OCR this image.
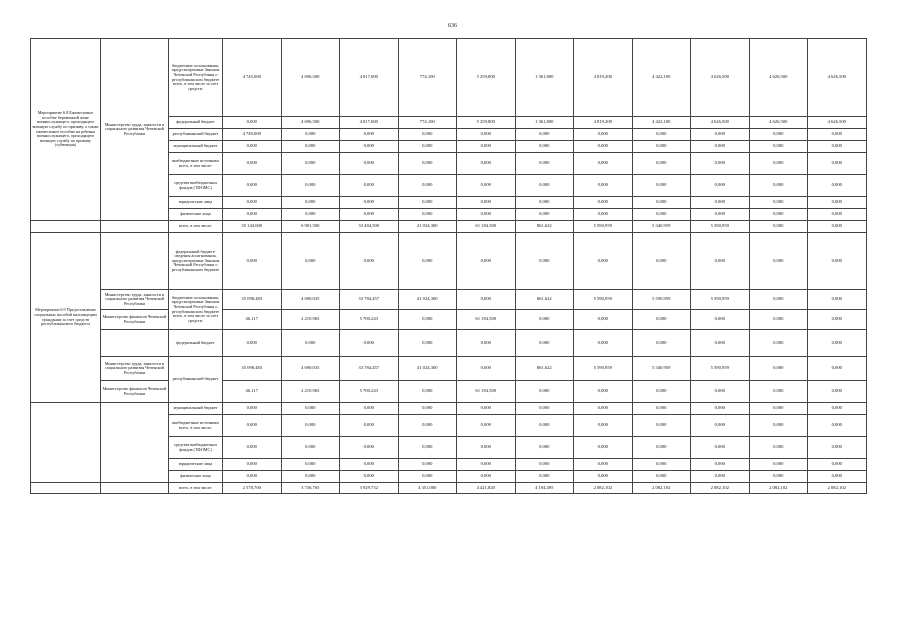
636
Мероприятие 6.8 Ежемесячное пособие беременной жене военнослужащего, проходящего военную службу по призыву, а также ежемесячное пособие на ребенка военнослужащего, проходящего военную службу по призыву (субвенция)	Министерство труда, занятости и социального развития Чеченской Республики	бюджетные ассигнования, предусмотренные Законом Чеченской Республики о республиканском бюджете всего, в том числе за счет средств:	4 745,000	4 696,500	4 817,000	774,100	5 259,800	1 361,800	4 819,200	4 422,100	4 626,500	4 626,500	4 626,500
		федеральный бюджет	0,000	4 696,500	4 817,000	774,100	5 259,800	1 361,800	4 819,200	4 422,100	4 626,500	4 626,500	4 626,500
		республиканский бюджет	4 749,000	0,000	0,000	0,000	0,000	0,000	0,000	0,000	0,000	0,000	0,000
		муниципальный бюджет	0,000	0,000	0,000	0,000	0,000	0,000	0,000	0,000	0,000	0,000	0,000
		внебюджетные источники всего, в том числе:	0,000	0,000	0,000	0,000	0,000	0,000	0,000	0,000	0,000	0,000	0,000
		средства внебюджетных фондов (ТФОМС)	0,000	0,000	0,000	0,000	0,000	0,000	0,000	0,000	0,000	0,000	0,000
		юридические лица	0,000	0,000	0,000	0,000	0,000	0,000	0,000	0,000	0,000	0,000	0,000
		физические лица	0,000	0,000	0,000	0,000	0,000	0,000	0,000	0,000	0,000	0,000	0,000
		всего, в том числе:	35 144,600	6 901,500	33 484,500	41 024,300	61 184,500	861,622	5 590,959	5 340,959	5 590,959	0,000	0,000
Мероприятие 6.9 Предоставление социальных пособий малоимущим гражданам за счет средств республиканского бюджета		федеральный бюджет/ сведения ассигнования, предусмотренные Законом Чеченской Республики о республиканском бюджете	0,000	0,000	0,000	0,000	0,000	0,000	0,000	0,000	0,000	0,000	0,000
	Министерство труда, занятости и социального развития Чеченской Республики	бюджетные ассигнования, предусмотренные Законом Чеченской Республики о республиканском бюджете всего, в том числе за счет средств:	35 098,483	4 690,035	33 784,457	41 024,300	0,000	861,622	5 590,959	5 590,959	5 590,959	0,000	0,000
	Министерство финансов Чеченской Республики		46,117	2 210,965	5 700,243	0,000	61 184,500	0,000	0,000	0,000	0,000	0,000	0,000
		федеральный бюджет	0,000	0,000	0,000	0,000	0,000	0,000	0,000	0,000	0,000	0,000	0,000
	Министерство труда, занятости и социального развития Чеченской Республики	республиканский бюджет	35 098,483	4 690,035	33 784,457	41 024,300	0,000	861,622	5 590,959	5 340,959	5 590,959	0,000	0,000
	Министерство финансов Чеченской Республики		46,117	2 210,965	5 700,243	0,000	61 184,500	0,000	0,000	0,000	0,000	0,000	0,000
		муниципальный бюджет	0,000	0,000	0,000	0,000	0,000	0,000	0,000	0,000	0,000	0,000	0,000
		внебюджетные источники всего, в том числе:	0,000	0,000	0,000	0,000	0,000	0,000	0,000	0,000	0,000	0,000	0,000
		средства внебюджетных фондов (ТФОМС)	0,000	0,000	0,000	0,000	0,000	0,000	0,000	0,000	0,000	0,000	0,000
		юридические лица	0,000	0,000	0,000	0,000	0,000	0,000	0,000	0,000	0,000	0,000	0,000
		физические лица	0,000	0,000	0,000	0,000	0,000	0,000	0,000	0,000	0,000	0,000	0,000
		всего, в том числе:	2 578,700	3 736,765	3 929,752	4 351,000	4 421,820	4 194,495	2 082,102	2 082,102	2 082,102	2 082,102	2 082,102
